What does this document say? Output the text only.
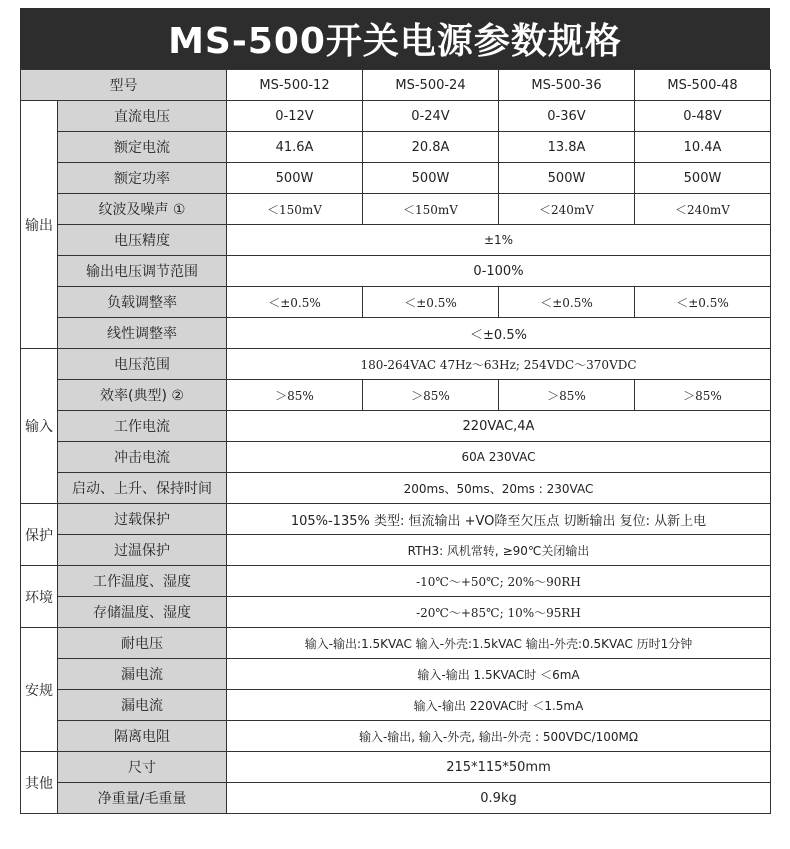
MS-500开关电源参数规格
型号		MS-500-12	MS-500-24	MS-500-36	MS-500-48
输出	直流电压	0-12V	0-24V	0-36V	0-48V
	额定电流	41.6A	20.8A	13.8A	10.4A
	额定功率	500W	500W	500W	500W
	纹波及噪声 ①	＜150mV	＜150mV	＜240mV	＜240mV
	电压精度	±1%			
	输出电压调节范围	0-100%			
	负载调整率	＜±0.5%	＜±0.5%	＜±0.5%	＜±0.5%
	线性调整率	＜±0.5%			
输入	电压范围	180-264VAC 47Hz～63Hz; 254VDC～370VDC			
	效率(典型) ②	＞85%	＞85%	＞85%	＞85%
	工作电流	220VAC,4A			
	冲击电流	60A 230VAC			
	启动、上升、保持时间	200ms、50ms、20ms : 230VAC			
保护	过载保护	105%-135% 类型: 恒流输出 +VO降至欠压点 切断输出 复位: 从新上电			
	过温保护	RTH3: 风机常转, ≥90℃关闭输出			
环境	工作温度、湿度	-10℃～+50℃; 20%～90RH			
	存储温度、湿度	-20℃～+85℃; 10%～95RH			
安规	耐电压	输入-输出:1.5KVAC 输入-外壳:1.5kVAC 输出-外壳:0.5KVAC 历时1分钟			
	漏电流	输入-输出 1.5KVAC时 ＜6mA			
	漏电流	输入-输出 220VAC时 ＜1.5mA			
	隔离电阻	输入-输出, 输入-外壳, 输出-外壳 : 500VDC/100MΩ			
其他	尺寸	215*115*50mm			
	净重量/毛重量	0.9kg			
